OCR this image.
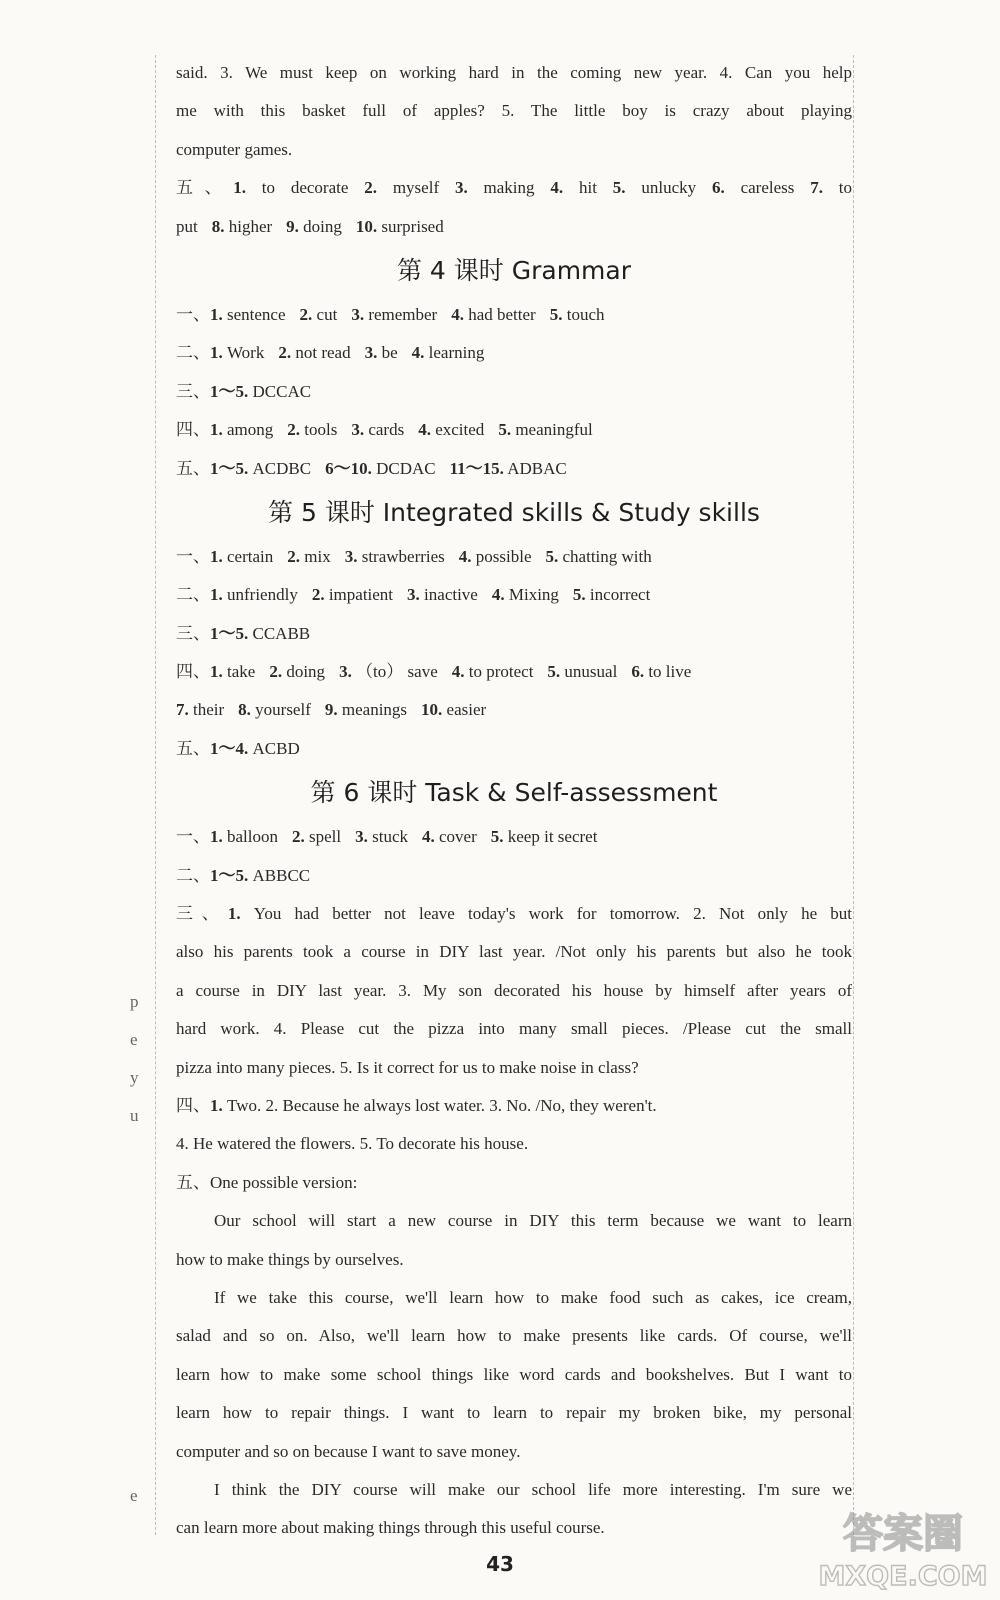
p
e
y
u
e
said. 3. We must keep on working hard in the coming new year. 4. Can you help
me with this basket full of apples? 5. The little boy is crazy about playing
computer games.
五、1. to decorate 2. myself 3. making 4. hit 5. unlucky 6. careless 7. to
put 8. higher 9. doing 10. surprised
第 4 课时 Grammar
一、1. sentence 2. cut 3. remember 4. had better 5. touch
二、1. Work 2. not read 3. be 4. learning
三、1～5. DCCAC
四、1. among 2. tools 3. cards 4. excited 5. meaningful
五、1～5. ACDBC 6～10. DCDAC 11～15. ADBAC
第 5 课时 Integrated skills & Study skills
一、1. certain 2. mix 3. strawberries 4. possible 5. chatting with
二、1. unfriendly 2. impatient 3. inactive 4. Mixing 5. incorrect
三、1～5. CCABB
四、1. take 2. doing 3. （to） save 4. to protect 5. unusual 6. to live
7. their 8. yourself 9. meanings 10. easier
五、1～4. ACBD
第 6 课时 Task & Self-assessment
一、1. balloon 2. spell 3. stuck 4. cover 5. keep it secret
二、1～5. ABBCC
三、1. You had better not leave today's work for tomorrow. 2. Not only he but
also his parents took a course in DIY last year. /Not only his parents but also he took
a course in DIY last year. 3. My son decorated his house by himself after years of
hard work. 4. Please cut the pizza into many small pieces. /Please cut the small
pizza into many pieces. 5. Is it correct for us to make noise in class?
四、1. Two. 2. Because he always lost water. 3. No. /No, they weren't.
4. He watered the flowers. 5. To decorate his house.
五、One possible version:
Our school will start a new course in DIY this term because we want to learn
how to make things by ourselves.
If we take this course, we'll learn how to make food such as cakes, ice cream,
salad and so on. Also, we'll learn how to make presents like cards. Of course, we'll
learn how to make some school things like word cards and bookshelves. But I want to
learn how to repair things. I want to learn to repair my broken bike, my personal
computer and so on because I want to save money.
I think the DIY course will make our school life more interesting. I'm sure we
can learn more about making things through this useful course.
43
答案圈
MXQE.COM
